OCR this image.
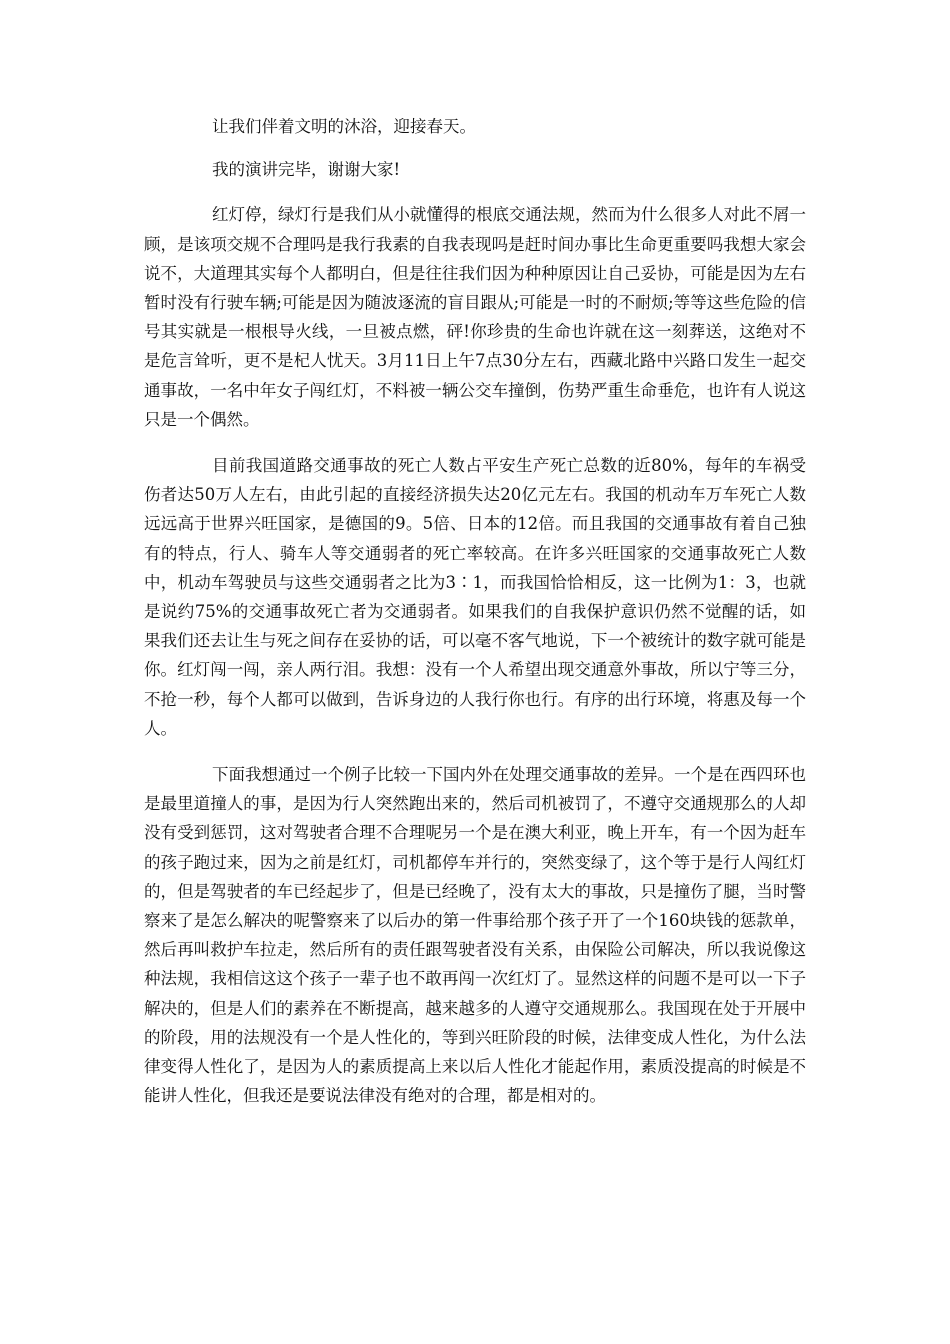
让我们伴着文明的沐浴，迎接春天。

我的演讲完毕，谢谢大家!

红灯停，绿灯行是我们从小就懂得的根底交通法规，然而为什么很多人对此不屑一顾，是该项交规不合理吗是我行我素的自我表现吗是赶时间办事比生命更重要吗我想大家会说不，大道理其实每个人都明白，但是往往我们因为种种原因让自己妥协，可能是因为左右暂时没有行驶车辆;可能是因为随波逐流的盲目跟从;可能是一时的不耐烦;等等这些危险的信号其实就是一根根导火线，一旦被点燃，砰!你珍贵的生命也许就在这一刻葬送，这绝对不是危言耸听，更不是杞人忧天。3月11日上午7点30分左右，西藏北路中兴路口发生一起交通事故，一名中年女子闯红灯，不料被一辆公交车撞倒，伤势严重生命垂危，也许有人说这只是一个偶然。

目前我国道路交通事故的死亡人数占平安生产死亡总数的近80%，每年的车祸受伤者达50万人左右，由此引起的直接经济损失达20亿元左右。我国的机动车万车死亡人数远远高于世界兴旺国家，是德国的9。5倍、日本的12倍。而且我国的交通事故有着自己独有的特点，行人、骑车人等交通弱者的死亡率较高。在许多兴旺国家的交通事故死亡人数中，机动车驾驶员与这些交通弱者之比为3∶1，而我国恰恰相反，这一比例为1：3，也就是说约75%的交通事故死亡者为交通弱者。如果我们的自我保护意识仍然不觉醒的话，如果我们还去让生与死之间存在妥协的话，可以毫不客气地说，下一个被统计的数字就可能是你。红灯闯一闯，亲人两行泪。我想：没有一个人希望出现交通意外事故，所以宁等三分，不抢一秒，每个人都可以做到，告诉身边的人我行你也行。有序的出行环境，将惠及每一个人。

下面我想通过一个例子比较一下国内外在处理交通事故的差异。一个是在西四环也是最里道撞人的事，是因为行人突然跑出来的，然后司机被罚了，不遵守交通规那么的人却没有受到惩罚，这对驾驶者合理不合理呢另一个是在澳大利亚，晚上开车，有一个因为赶车的孩子跑过来，因为之前是红灯，司机都停车并行的，突然变绿了，这个等于是行人闯红灯的，但是驾驶者的车已经起步了，但是已经晚了，没有太大的事故，只是撞伤了腿，当时警察来了是怎么解决的呢警察来了以后办的第一件事给那个孩子开了一个160块钱的惩款单，然后再叫救护车拉走，然后所有的责任跟驾驶者没有关系，由保险公司解决，所以我说像这种法规，我相信这这个孩子一辈子也不敢再闯一次红灯了。显然这样的问题不是可以一下子解决的，但是人们的素养在不断提高，越来越多的人遵守交通规那么。我国现在处于开展中的阶段，用的法规没有一个是人性化的，等到兴旺阶段的时候，法律变成人性化，为什么法律变得人性化了，是因为人的素质提高上来以后人性化才能起作用，素质没提高的时候是不能讲人性化，但我还是要说法律没有绝对的合理，都是相对的。
